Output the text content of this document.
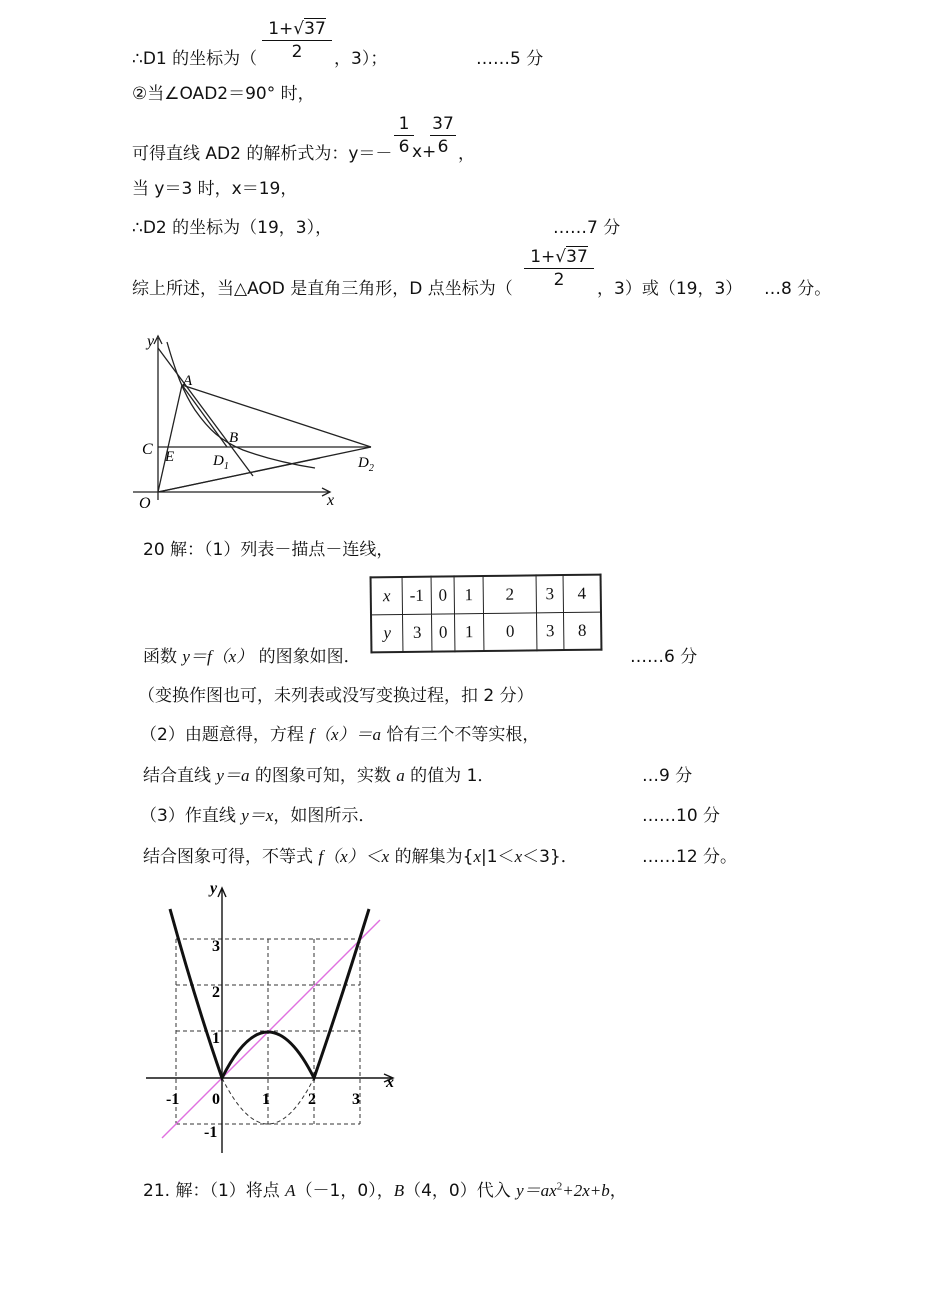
∴D1 的坐标为（ $\frac{1+√37}{2}$ ，3）；	……5 分
②当∠OAD2＝90° 时，
可得直线 AD2 的解析式为：$y=- \frac{1}{6}$
x+
$\frac{37}{6}$ ，
当 y＝3 时，x＝19，
∴D2 的坐标为（19，3），	……7 分
综上所述，当△AOD 是直角三角形，D 点坐标为（ $\frac{1+√37}{2}$ ，3）或（19，3） …8 分。
y
x
O
C E
A
B
$D_1$	$D_2$
20 解：（1）列表－描点－连线，
x	-1	0	1	2	3	4
y	3	0	1	0	3	8
函数 y＝f（x） 的图象如图．	……6 分
（变换作图也可，未列表或没写变换过程，扣 2 分）
（2）由题意得，方程 f（x）＝a 恰有三个不等实根，
结合直线 y＝a 的图象可知，实数 a 的值为 1．	…9 分
（3）作直线 y＝x，如图所示．	……10 分
结合图象可得，不等式 f（x）＜x 的解集为{x|1＜x＜3}．	……12 分。
y
x
3
2
1
-1
-1 0	1 2 3
21. 解：（1）将点 A（－1，0），B（4，0）代入 $y=ax^2+2x+b$，
